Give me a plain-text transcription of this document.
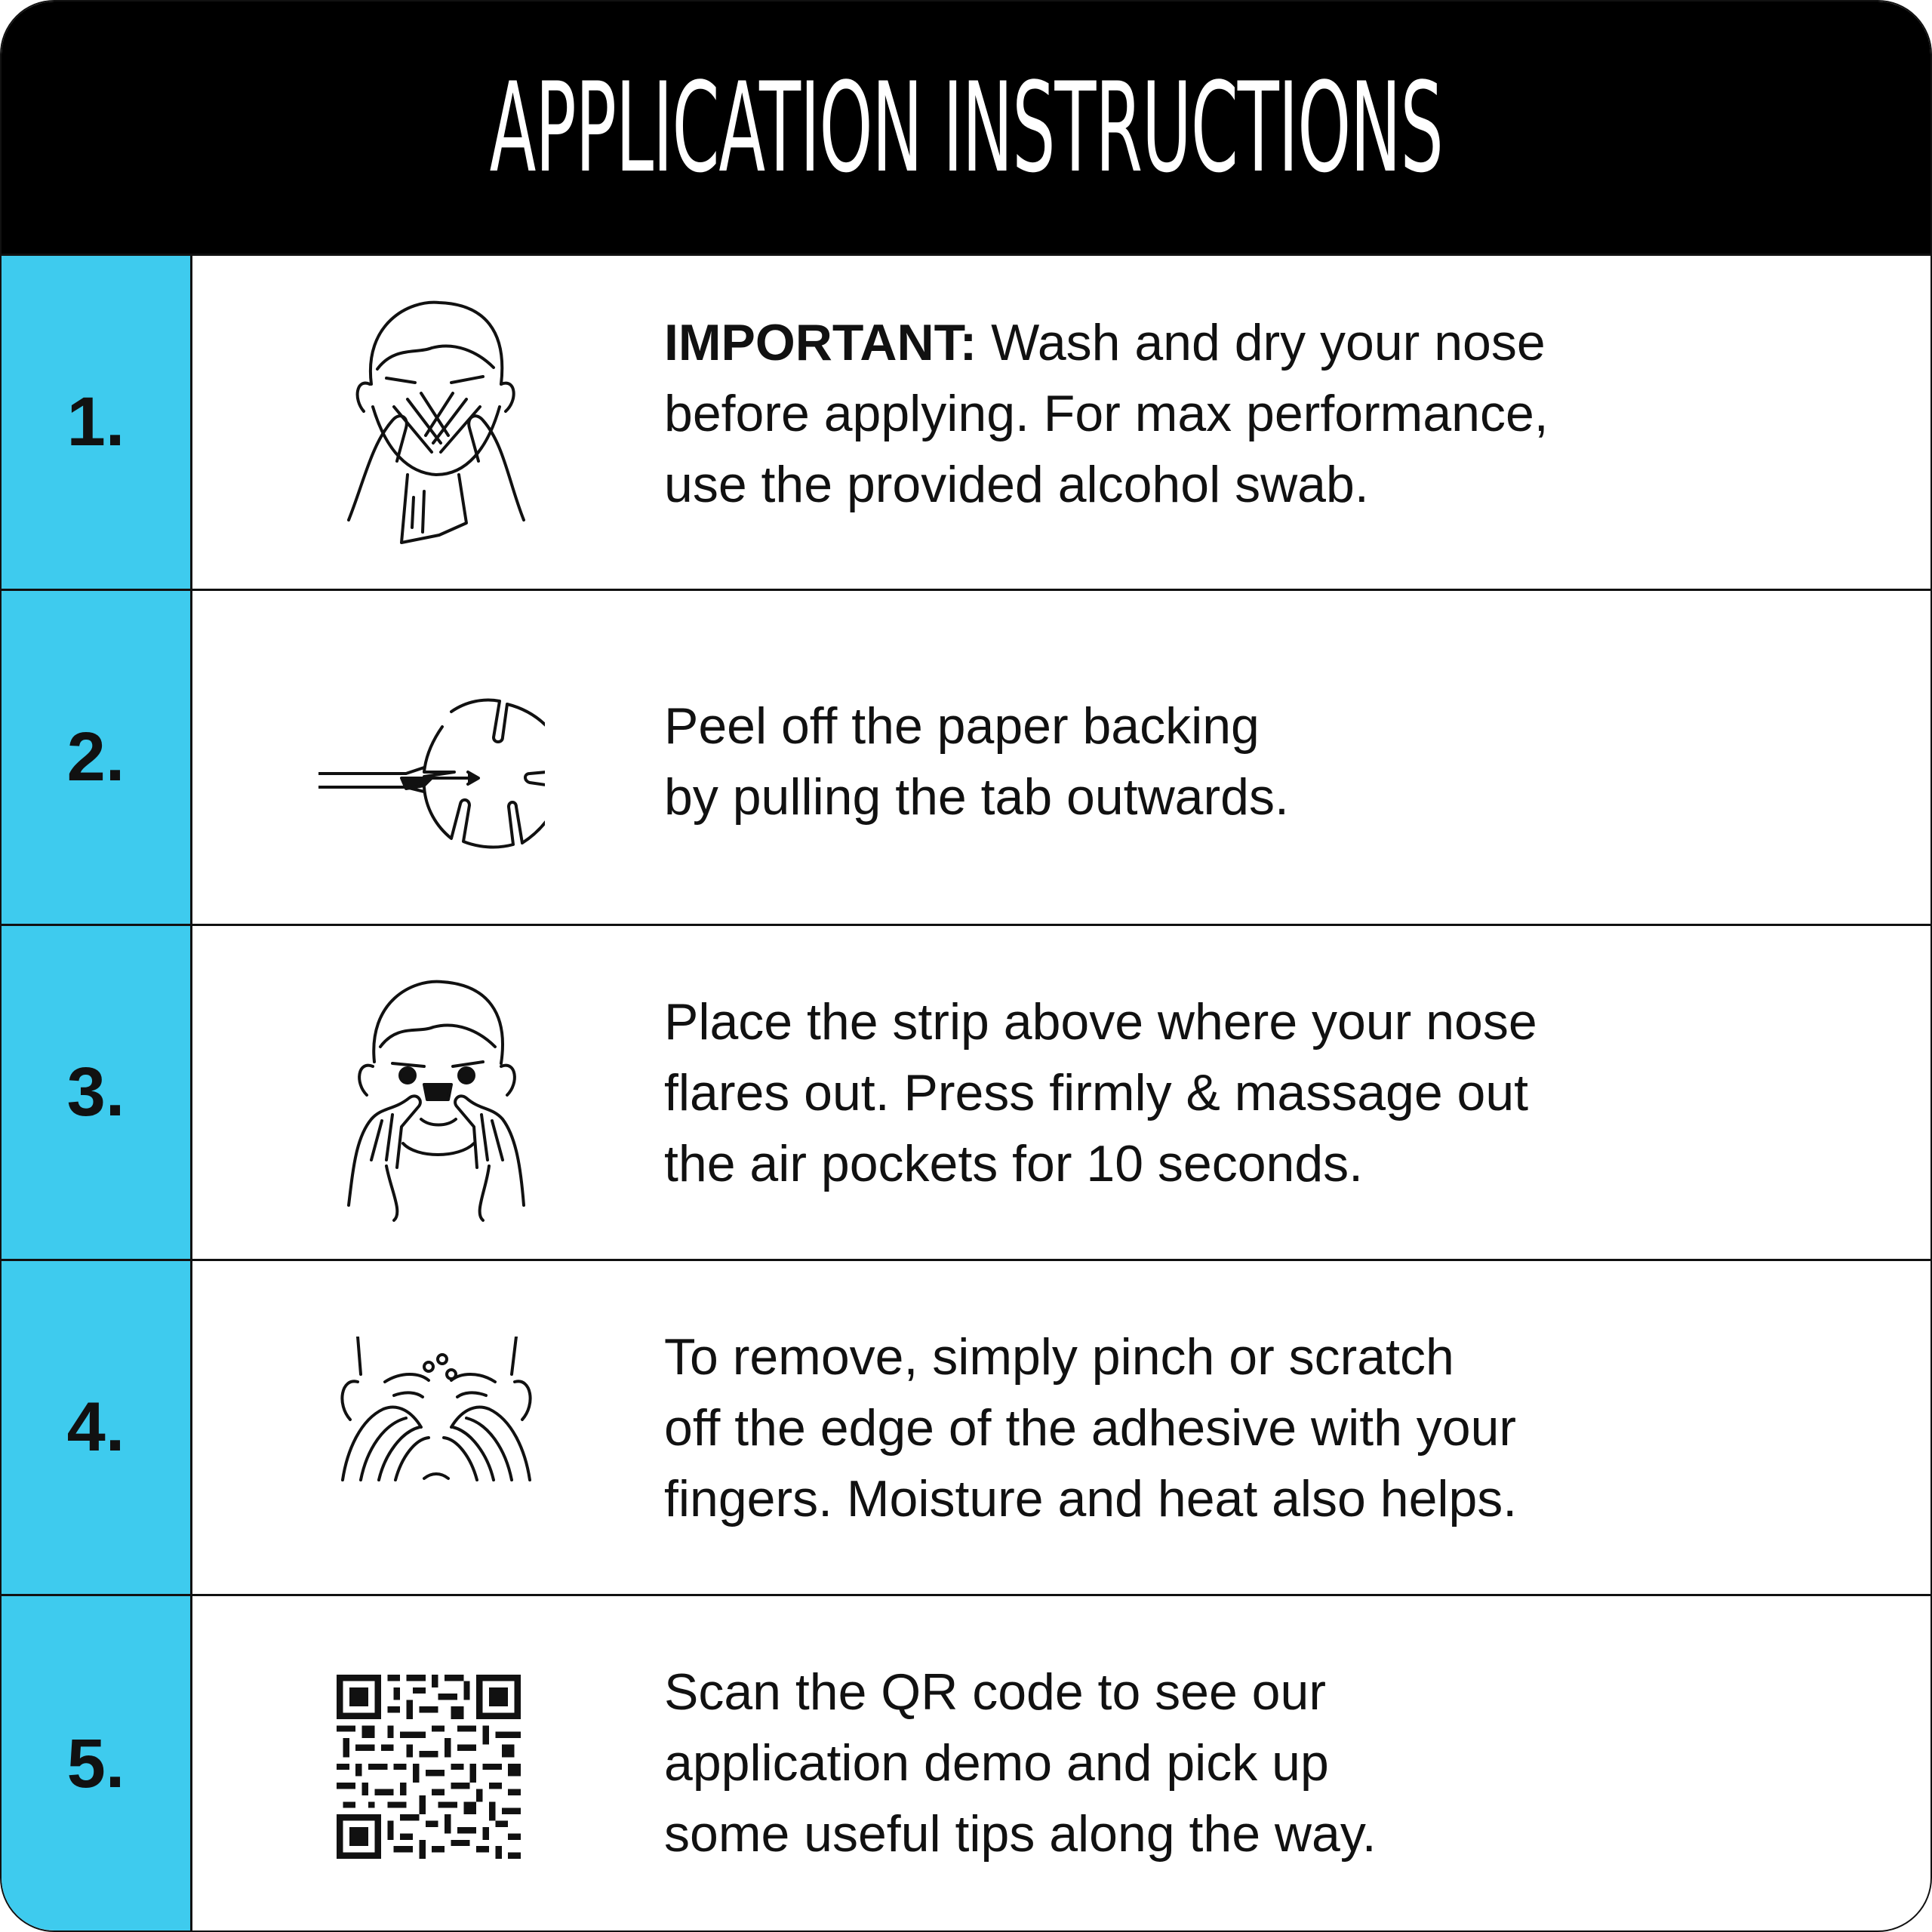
APPLICATION INSTRUCTIONS
1.
IMPORTANT: Wash and dry your nose
before applying. For max performance,
use the provided alcohol swab.
2.	Peel off the paper backing
by pulling the tab outwards.
3.
Place the strip above where your nose
flares out. Press firmly & massage out
the air pockets for 10 seconds.
4.
To remove, simply pinch or scratch
off the edge of the adhesive with your
fingers. Moisture and heat also helps.
5.
Scan the QR code to see our
application demo and pick up
some useful tips along the way.
